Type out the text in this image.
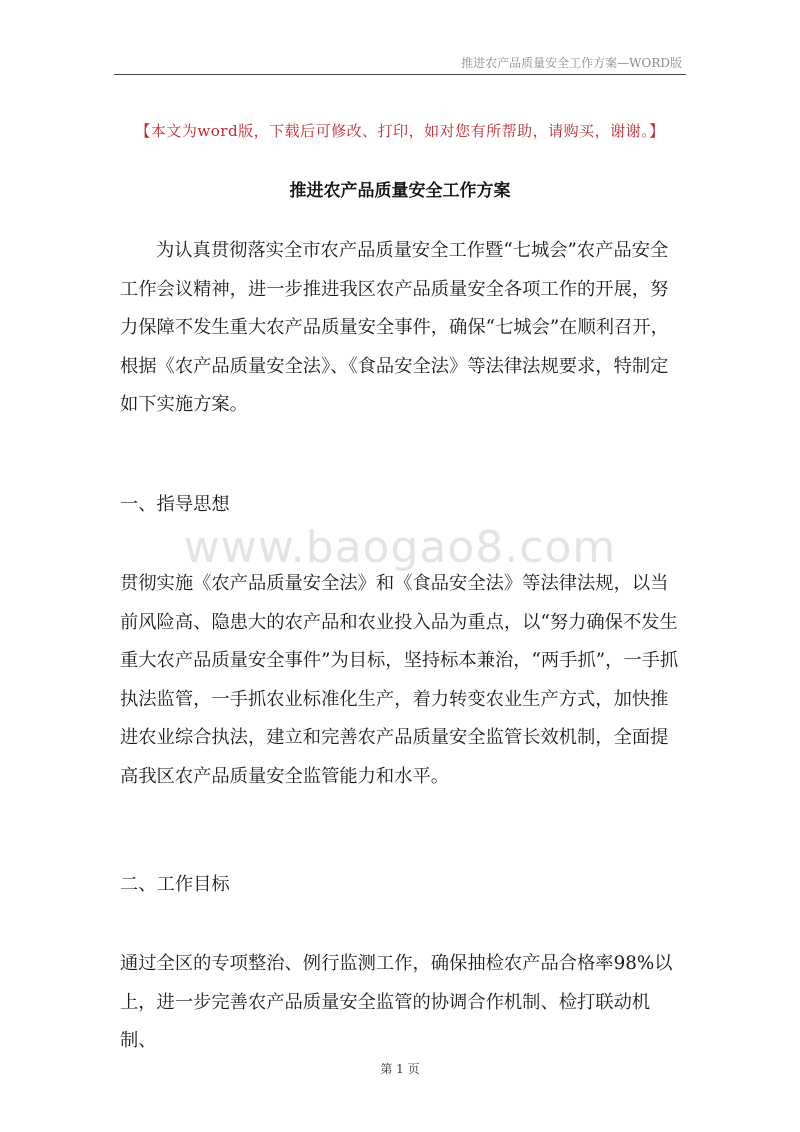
推进农产品质量安全工作方案—WORD版
【本文为word版，下载后可修改、打印，如对您有所帮助，请购买，谢谢。】
推进农产品质量安全工作方案

为认真贯彻落实全市农产品质量安全工作暨“七城会”农产品安全工作会议精神，进一步推进我区农产品质量安全各项工作的开展，努力保障不发生重大农产品质量安全事件，确保“七城会”在顺利召开，根据《农产品质量安全法》、《食品安全法》等法律法规要求，特制定如下实施方案。

一、指导思想

www.baogao8.com

贯彻实施《农产品质量安全法》和《食品安全法》等法律法规，以当前风险高、隐患大的农产品和农业投入品为重点，以“努力确保不发生重大农产品质量安全事件”为目标，坚持标本兼治，“两手抓”，一手抓执法监管，一手抓农业标准化生产，着力转变农业生产方式，加快推进农业综合执法，建立和完善农产品质量安全监管长效机制，全面提高我区农产品质量安全监管能力和水平。

二、工作目标

通过全区的专项整治、例行监测工作，确保抽检农产品合格率98%以上，进一步完善农产品质量安全监管的协调合作机制、检打联动机制、

第 1 页
